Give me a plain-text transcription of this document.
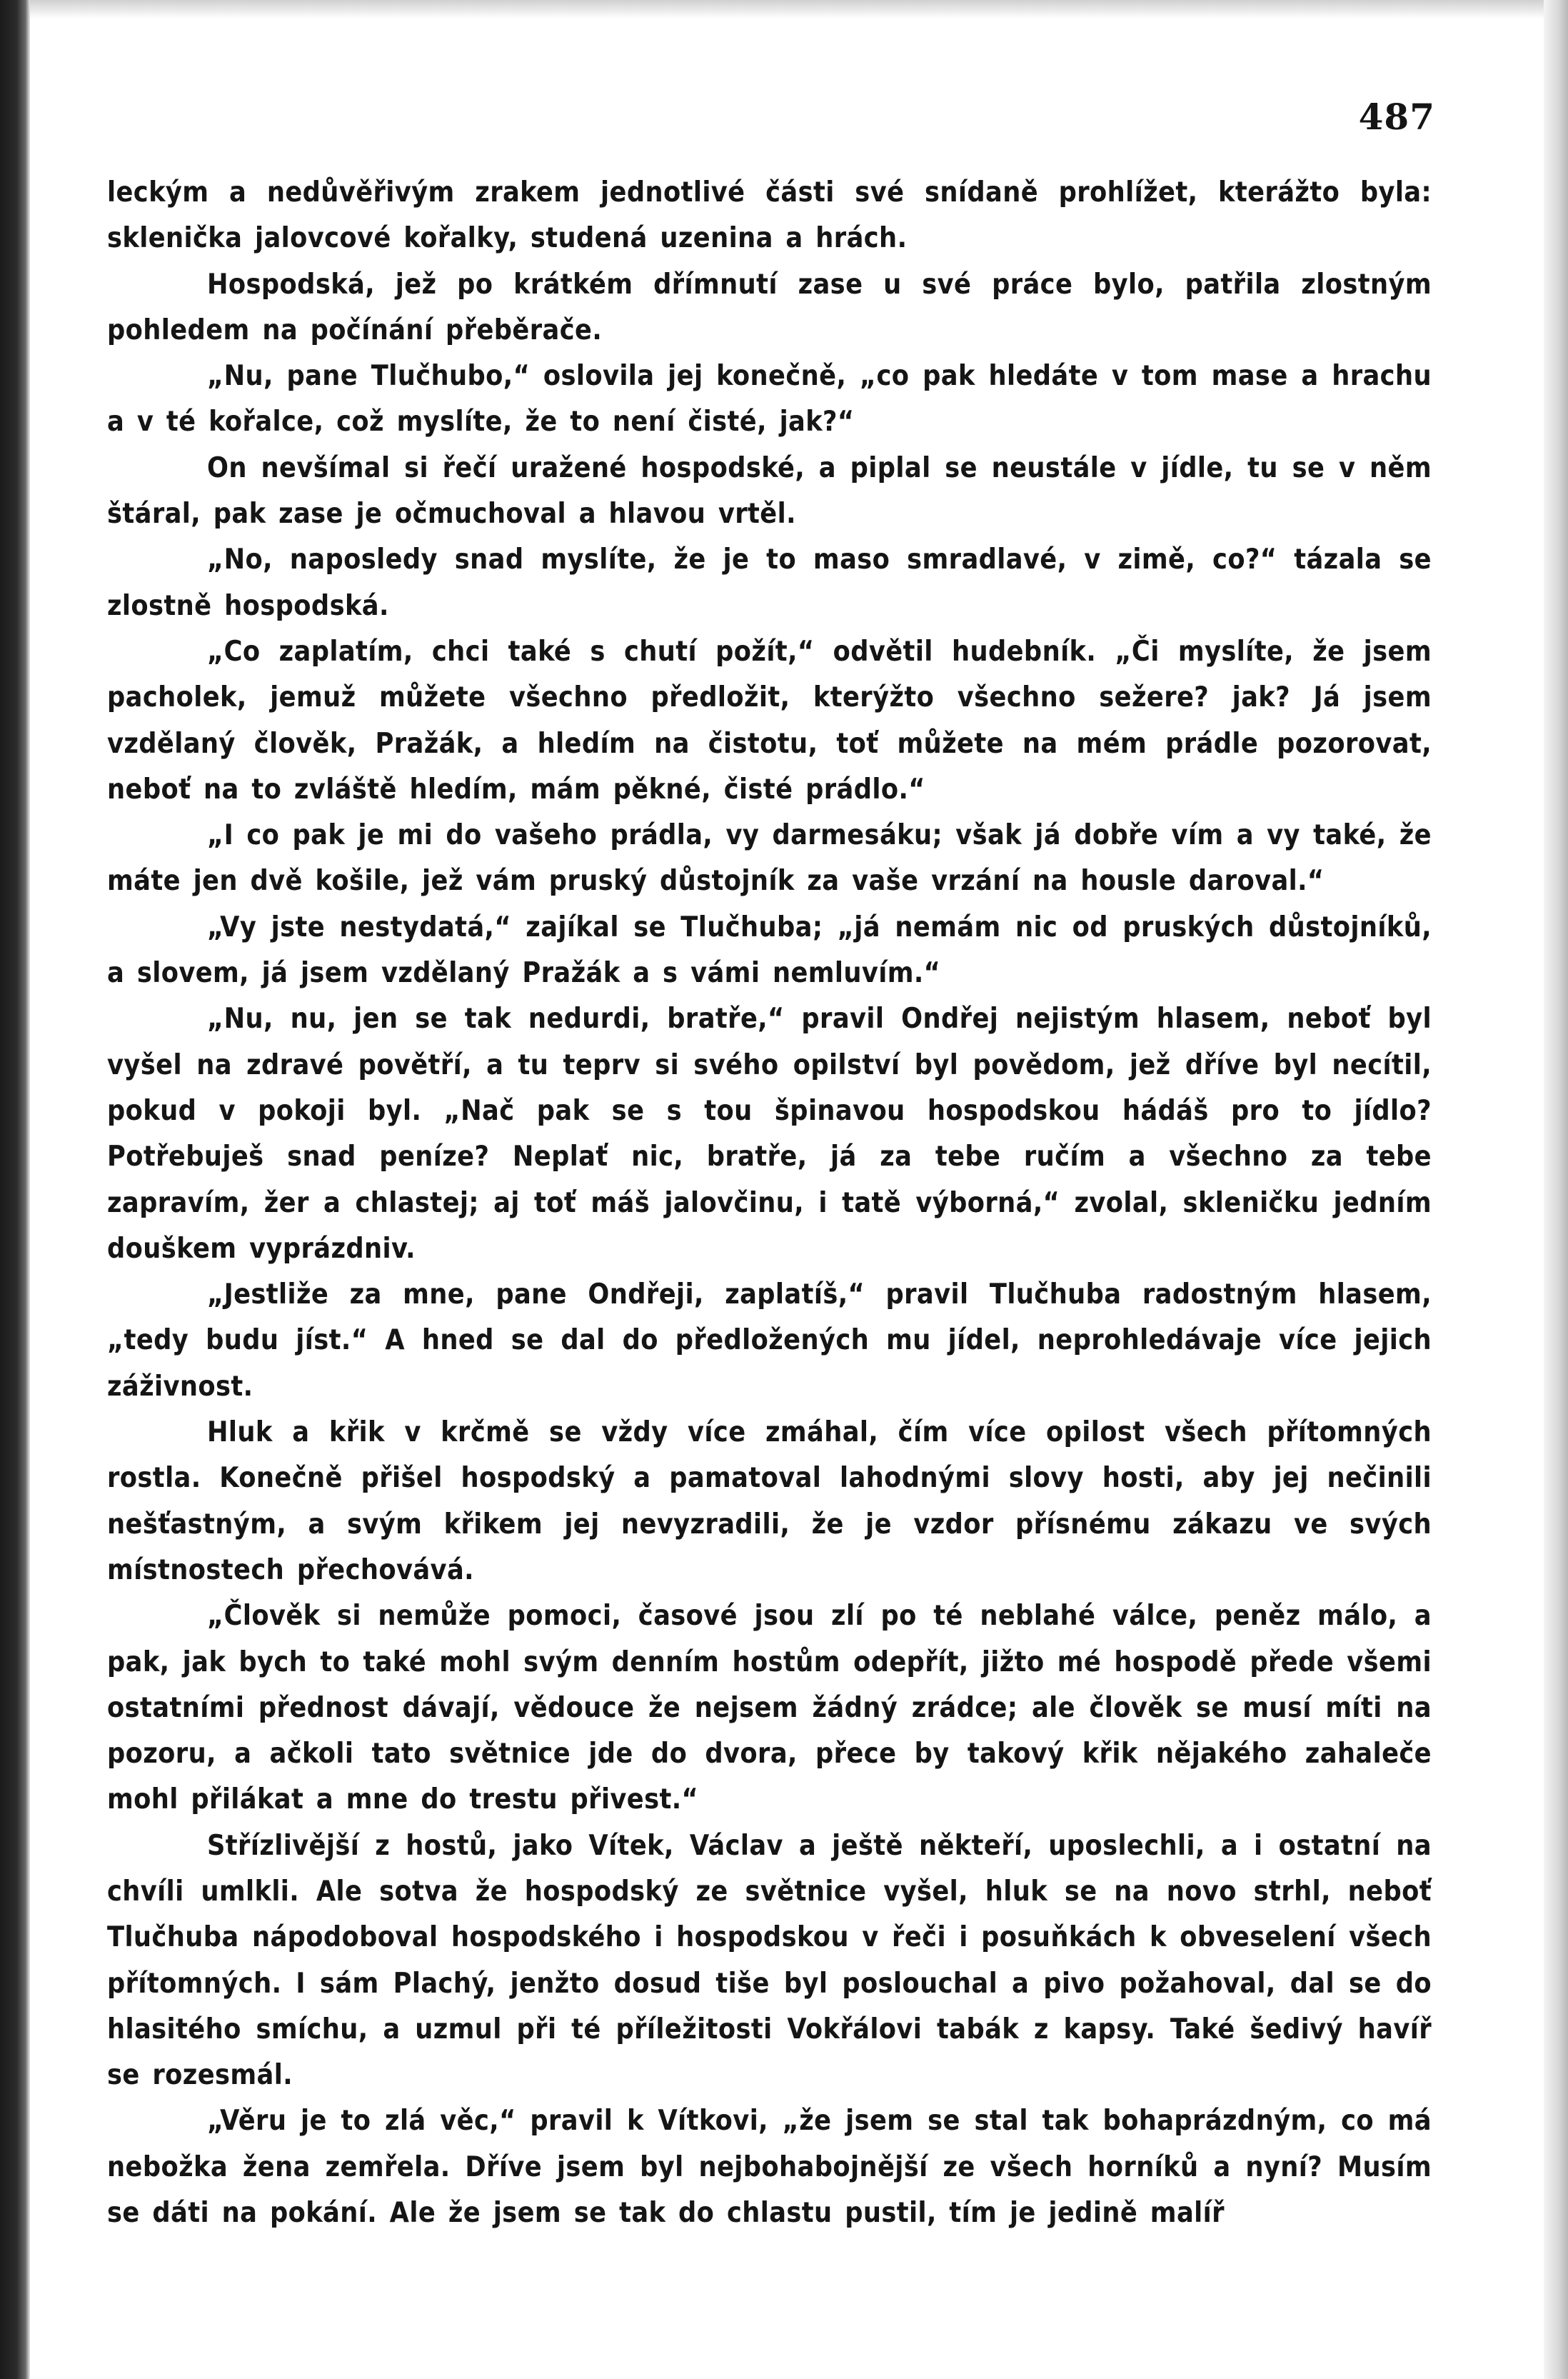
487

leckým a nedůvěřivým zrakem jednotlivé části své snídaně prohlížet, kterážto byla: sklenička jalovcové kořalky, studená uzenina a hrách.

Hospodská, jež po krátkém dřímnutí zase u své práce bylo, patřila zlostným pohledem na počínání přeběrače.

„Nu, pane Tlučhubo,“ oslovila jej konečně, „co pak hledáte v tom mase a hrachu a v té kořalce, což myslíte, že to není čisté, jak?“

On nevšímal si řečí uražené hospodské, a piplal se neustále v jídle, tu se v něm štáral, pak zase je očmuchoval a hlavou vrtěl.

„No, naposledy snad myslíte, že je to maso smradlavé, v zimě, co?“ tázala se zlostně hospodská.

„Co zaplatím, chci také s chutí požít,“ odvětil hudebník. „Či myslíte, že jsem pacholek, jemuž můžete všechno předložit, kterýžto všechno sežere? jak? Já jsem vzdělaný člověk, Pražák, a hledím na čistotu, toť můžete na mém prádle pozorovat, neboť na to zvláště hledím, mám pěkné, čisté prádlo.“

„I co pak je mi do vašeho prádla, vy darmesáku; však já dobře vím a vy také, že máte jen dvě košile, jež vám pruský důstojník za vaše vrzání na housle daroval.“

„Vy jste nestydatá,“ zajíkal se Tlučhuba; „já nemám nic od pruských důstojníků, a slovem, já jsem vzdělaný Pražák a s vámi nemluvím.“

„Nu, nu, jen se tak nedurdi, bratře,“ pravil Ondřej nejistým hlasem, neboť byl vyšel na zdravé povětří, a tu teprv si svého opilství byl povědom, jež dříve byl necítil, pokud v pokoji byl. „Nač pak se s tou špinavou hospodskou hádáš pro to jídlo? Potřebuješ snad peníze? Neplať nic, bratře, já za tebe ručím a všechno za tebe zapravím, žer a chlastej; aj toť máš jalovčinu, i tatě výborná,“ zvolal, skleničku jedním douškem vyprázdniv.

„Jestliže za mne, pane Ondřeji, zaplatíš,“ pravil Tlučhuba radostným hlasem, „tedy budu jíst.“ A hned se dal do předložených mu jídel, neprohledávaje více jejich záživnost.

Hluk a křik v krčmě se vždy více zmáhal, čím více opilost všech přítomných rostla. Konečně přišel hospodský a pamatoval lahodnými slovy hosti, aby jej nečinili nešťastným, a svým křikem jej nevyzradili, že je vzdor přísnému zákazu ve svých místnostech přechovává.

„Člověk si nemůže pomoci, časové jsou zlí po té neblahé válce, peněz málo, a pak, jak bych to také mohl svým denním hostům odepřít, jižto mé hospodě přede všemi ostatními přednost dávají, vědouce že nejsem žádný zrádce; ale člověk se musí míti na pozoru, a ačkoli tato světnice jde do dvora, přece by takový křik nějakého zahaleče mohl přilákat a mne do trestu přivest.“

Střízlivější z hostů, jako Vítek, Václav a ještě někteří, uposlechli, a i ostatní na chvíli umlkli. Ale sotva že hospodský ze světnice vyšel, hluk se na novo strhl, neboť Tlučhuba nápodoboval hospodského i hospodskou v řeči i posuňkách k obveselení všech přítomných. I sám Plachý, jenžto dosud tiše byl poslouchal a pivo požahoval, dal se do hlasitého smíchu, a uzmul při té příležitosti Vokřálovi tabák z kapsy. Také šedivý havíř se rozesmál.

„Věru je to zlá věc,“ pravil k Vítkovi, „že jsem se stal tak bohaprázdným, co má nebožka žena zemřela. Dříve jsem byl nejbohabojnější ze všech horníků a nyní? Musím se dáti na pokání. Ale že jsem se tak do chlastu pustil, tím je jedině malíř
